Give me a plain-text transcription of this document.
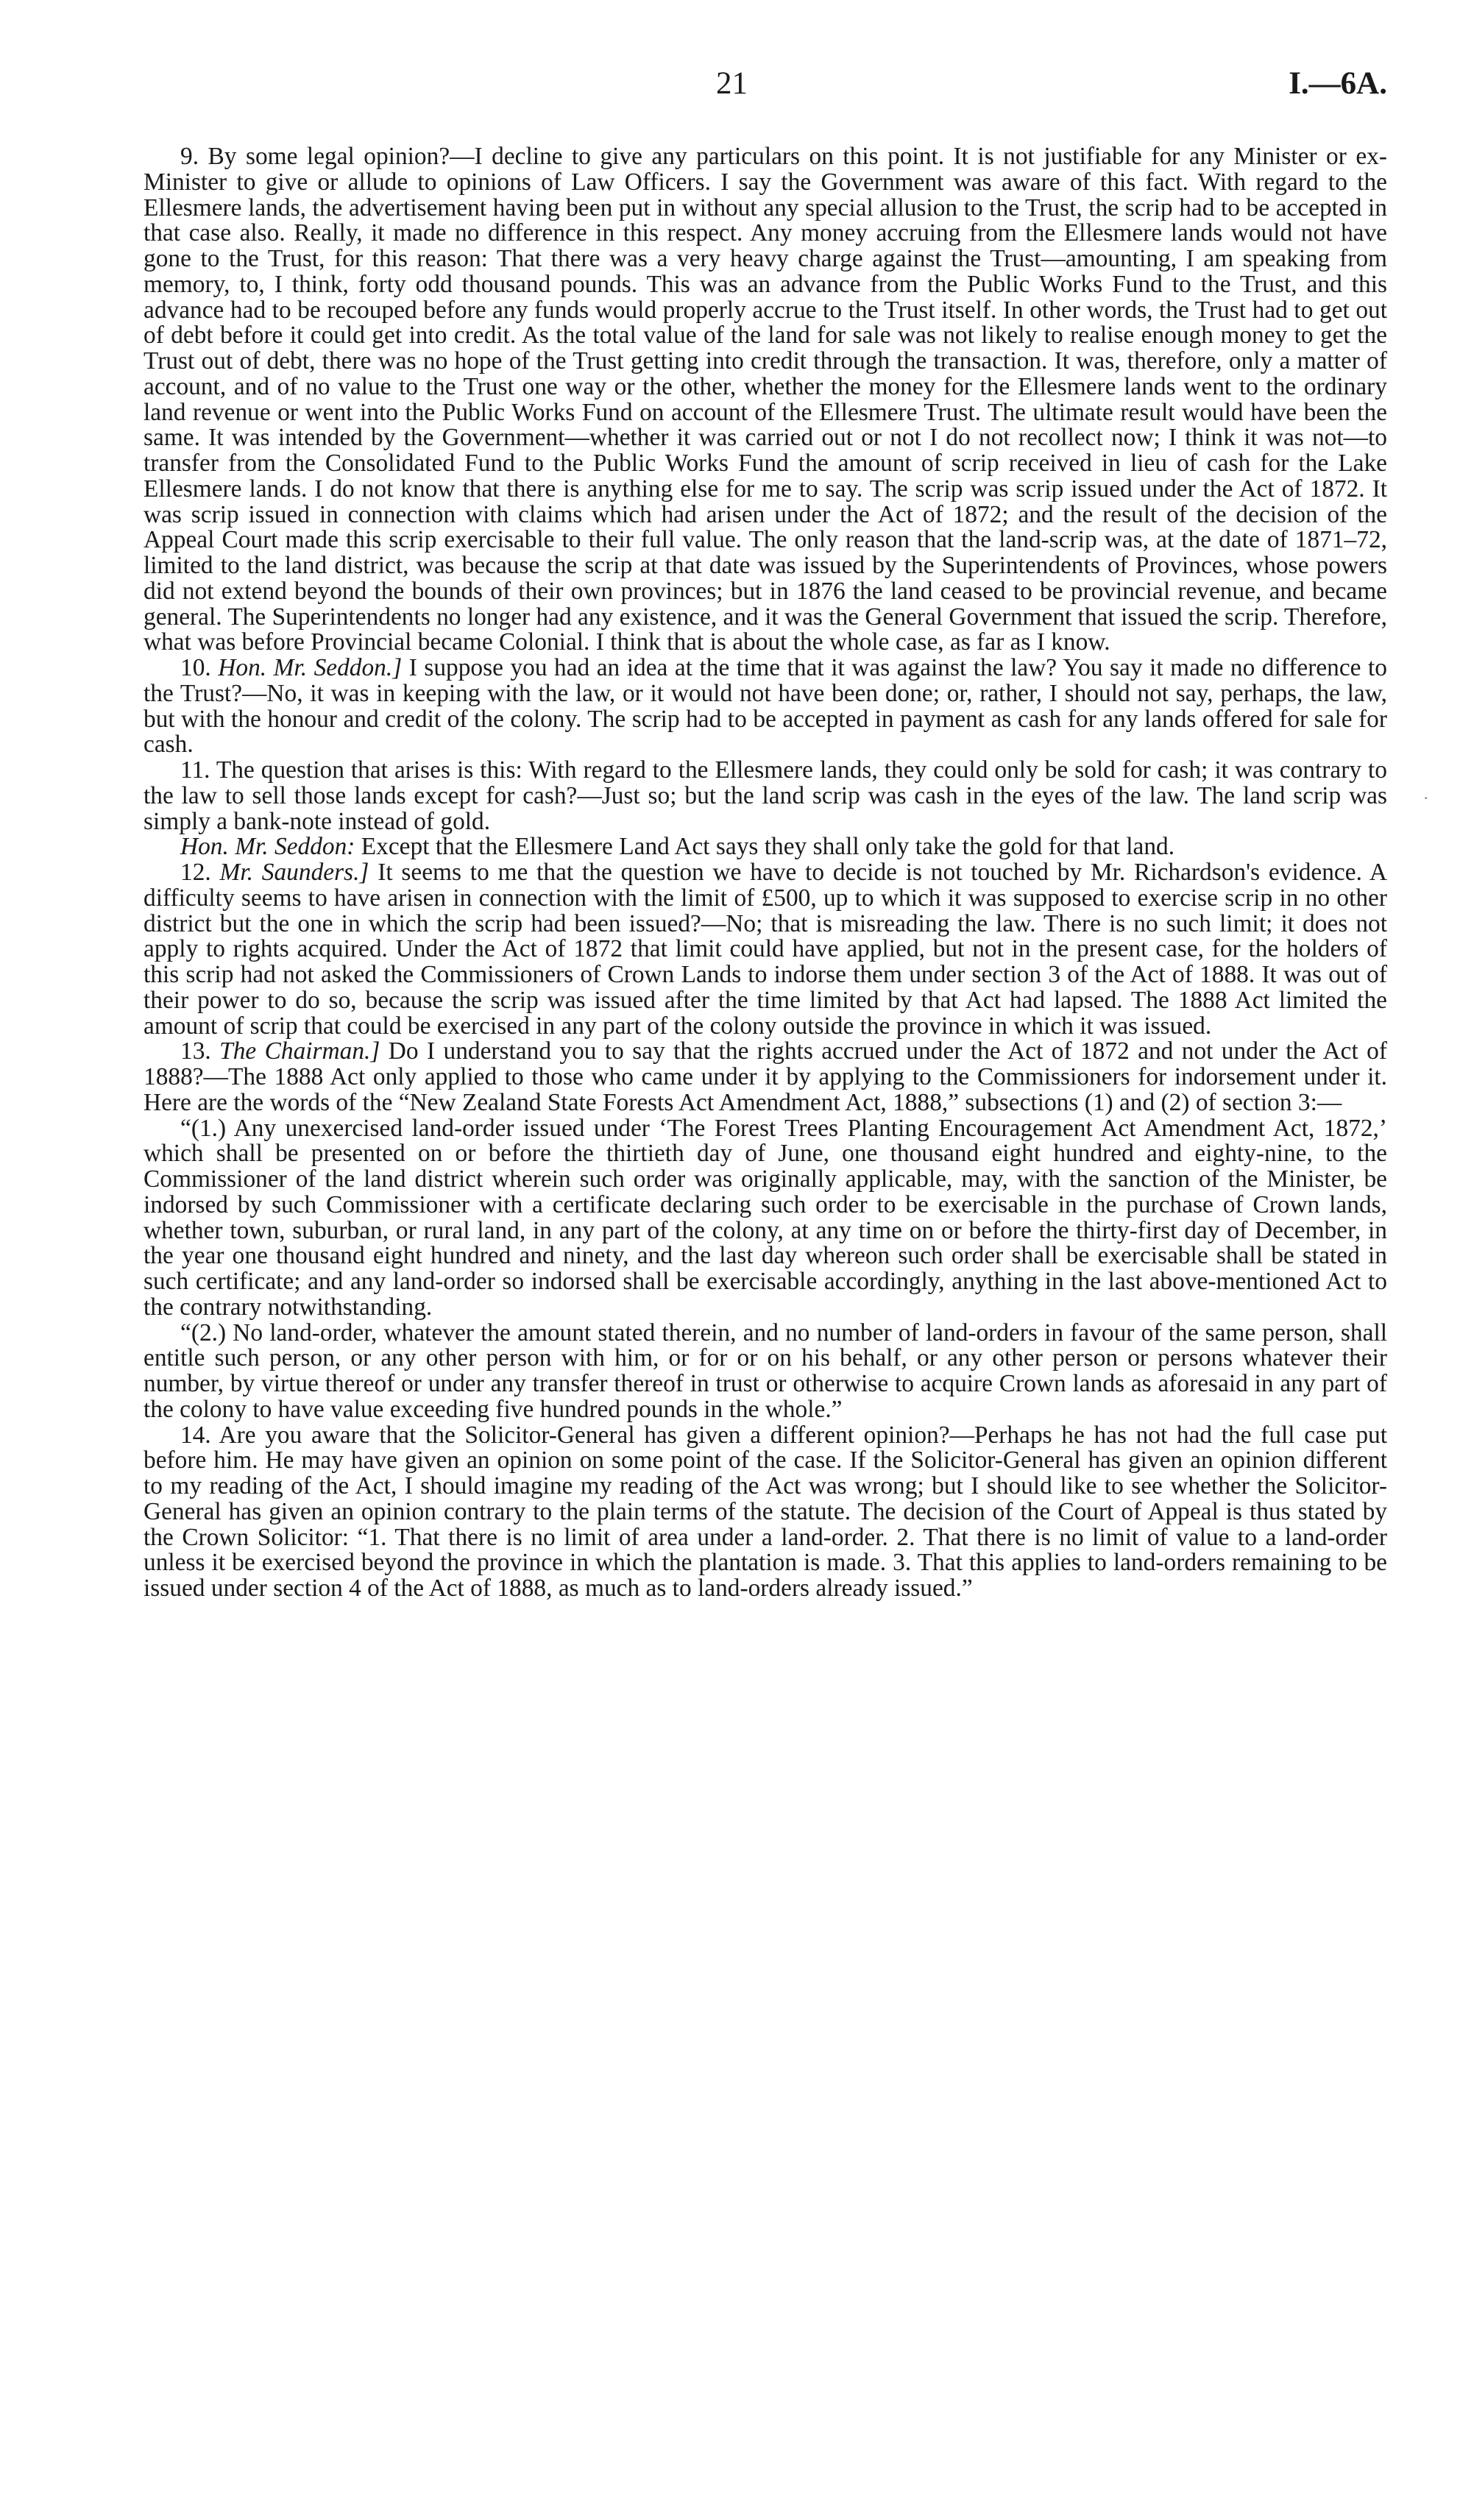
21	I.—6A.

9. By some legal opinion?—I decline to give any particulars on this point. It is not justifiable for any Minister or ex-Minister to give or allude to opinions of Law Officers. I say the Government was aware of this fact. With regard to the Ellesmere lands, the advertisement having been put in without any special allusion to the Trust, the scrip had to be accepted in that case also. Really, it made no difference in this respect. Any money accruing from the Ellesmere lands would not have gone to the Trust, for this reason: That there was a very heavy charge against the Trust—amounting, I am speaking from memory, to, I think, forty odd thousand pounds. This was an advance from the Public Works Fund to the Trust, and this advance had to be recouped before any funds would properly accrue to the Trust itself. In other words, the Trust had to get out of debt before it could get into credit. As the total value of the land for sale was not likely to realise enough money to get the Trust out of debt, there was no hope of the Trust getting into credit through the transaction. It was, therefore, only a matter of account, and of no value to the Trust one way or the other, whether the money for the Ellesmere lands went to the ordinary land revenue or went into the Public Works Fund on account of the Ellesmere Trust. The ultimate result would have been the same. It was intended by the Government—whether it was carried out or not I do not recollect now; I think it was not—to transfer from the Consolidated Fund to the Public Works Fund the amount of scrip received in lieu of cash for the Lake Ellesmere lands. I do not know that there is anything else for me to say. The scrip was scrip issued under the Act of 1872. It was scrip issued in connection with claims which had arisen under the Act of 1872; and the result of the decision of the Appeal Court made this scrip exercisable to their full value. The only reason that the land-scrip was, at the date of 1871–72, limited to the land district, was because the scrip at that date was issued by the Superintendents of Provinces, whose powers did not extend beyond the bounds of their own provinces; but in 1876 the land ceased to be provincial revenue, and became general. The Superintendents no longer had any existence, and it was the General Government that issued the scrip. Therefore, what was before Provincial became Colonial. I think that is about the whole case, as far as I know.

10. Hon. Mr. Seddon.] I suppose you had an idea at the time that it was against the law? You say it made no difference to the Trust?—No, it was in keeping with the law, or it would not have been done; or, rather, I should not say, perhaps, the law, but with the honour and credit of the colony. The scrip had to be accepted in payment as cash for any lands offered for sale for cash.

11. The question that arises is this: With regard to the Ellesmere lands, they could only be sold for cash; it was contrary to the law to sell those lands except for cash?—Just so; but the land scrip was cash in the eyes of the law. The land scrip was simply a bank-note instead of gold.

Hon. Mr. Seddon: Except that the Ellesmere Land Act says they shall only take the gold for that land.

12. Mr. Saunders.] It seems to me that the question we have to decide is not touched by Mr. Richardson's evidence. A difficulty seems to have arisen in connection with the limit of £500, up to which it was supposed to exercise scrip in no other district but the one in which the scrip had been issued?—No; that is misreading the law. There is no such limit; it does not apply to rights acquired. Under the Act of 1872 that limit could have applied, but not in the present case, for the holders of this scrip had not asked the Commissioners of Crown Lands to indorse them under section 3 of the Act of 1888. It was out of their power to do so, because the scrip was issued after the time limited by that Act had lapsed. The 1888 Act limited the amount of scrip that could be exercised in any part of the colony outside the province in which it was issued.

13. The Chairman.] Do I understand you to say that the rights accrued under the Act of 1872 and not under the Act of 1888?—The 1888 Act only applied to those who came under it by applying to the Commissioners for indorsement under it. Here are the words of the “New Zealand State Forests Act Amendment Act, 1888,” subsections (1) and (2) of section 3:—

“(1.) Any unexercised land-order issued under ‘The Forest Trees Planting Encouragement Act Amendment Act, 1872,’ which shall be presented on or before the thirtieth day of June, one thousand eight hundred and eighty-nine, to the Commissioner of the land district wherein such order was originally applicable, may, with the sanction of the Minister, be indorsed by such Commissioner with a certificate declaring such order to be exercisable in the purchase of Crown lands, whether town, suburban, or rural land, in any part of the colony, at any time on or before the thirty-first day of December, in the year one thousand eight hundred and ninety, and the last day whereon such order shall be exercisable shall be stated in such certificate; and any land-order so indorsed shall be exercisable accordingly, anything in the last above-mentioned Act to the contrary notwithstanding.

“(2.) No land-order, whatever the amount stated therein, and no number of land-orders in favour of the same person, shall entitle such person, or any other person with him, or for or on his behalf, or any other person or persons whatever their number, by virtue thereof or under any transfer thereof in trust or otherwise to acquire Crown lands as aforesaid in any part of the colony to have value exceeding five hundred pounds in the whole.”

14. Are you aware that the Solicitor-General has given a different opinion?—Perhaps he has not had the full case put before him. He may have given an opinion on some point of the case. If the Solicitor-General has given an opinion different to my reading of the Act, I should imagine my reading of the Act was wrong; but I should like to see whether the Solicitor-General has given an opinion contrary to the plain terms of the statute. The decision of the Court of Appeal is thus stated by the Crown Solicitor: “1. That there is no limit of area under a land-order. 2. That there is no limit of value to a land-order unless it be exercised beyond the province in which the plantation is made. 3. That this applies to land-orders remaining to be issued under section 4 of the Act of 1888, as much as to land-orders already issued.”

·
